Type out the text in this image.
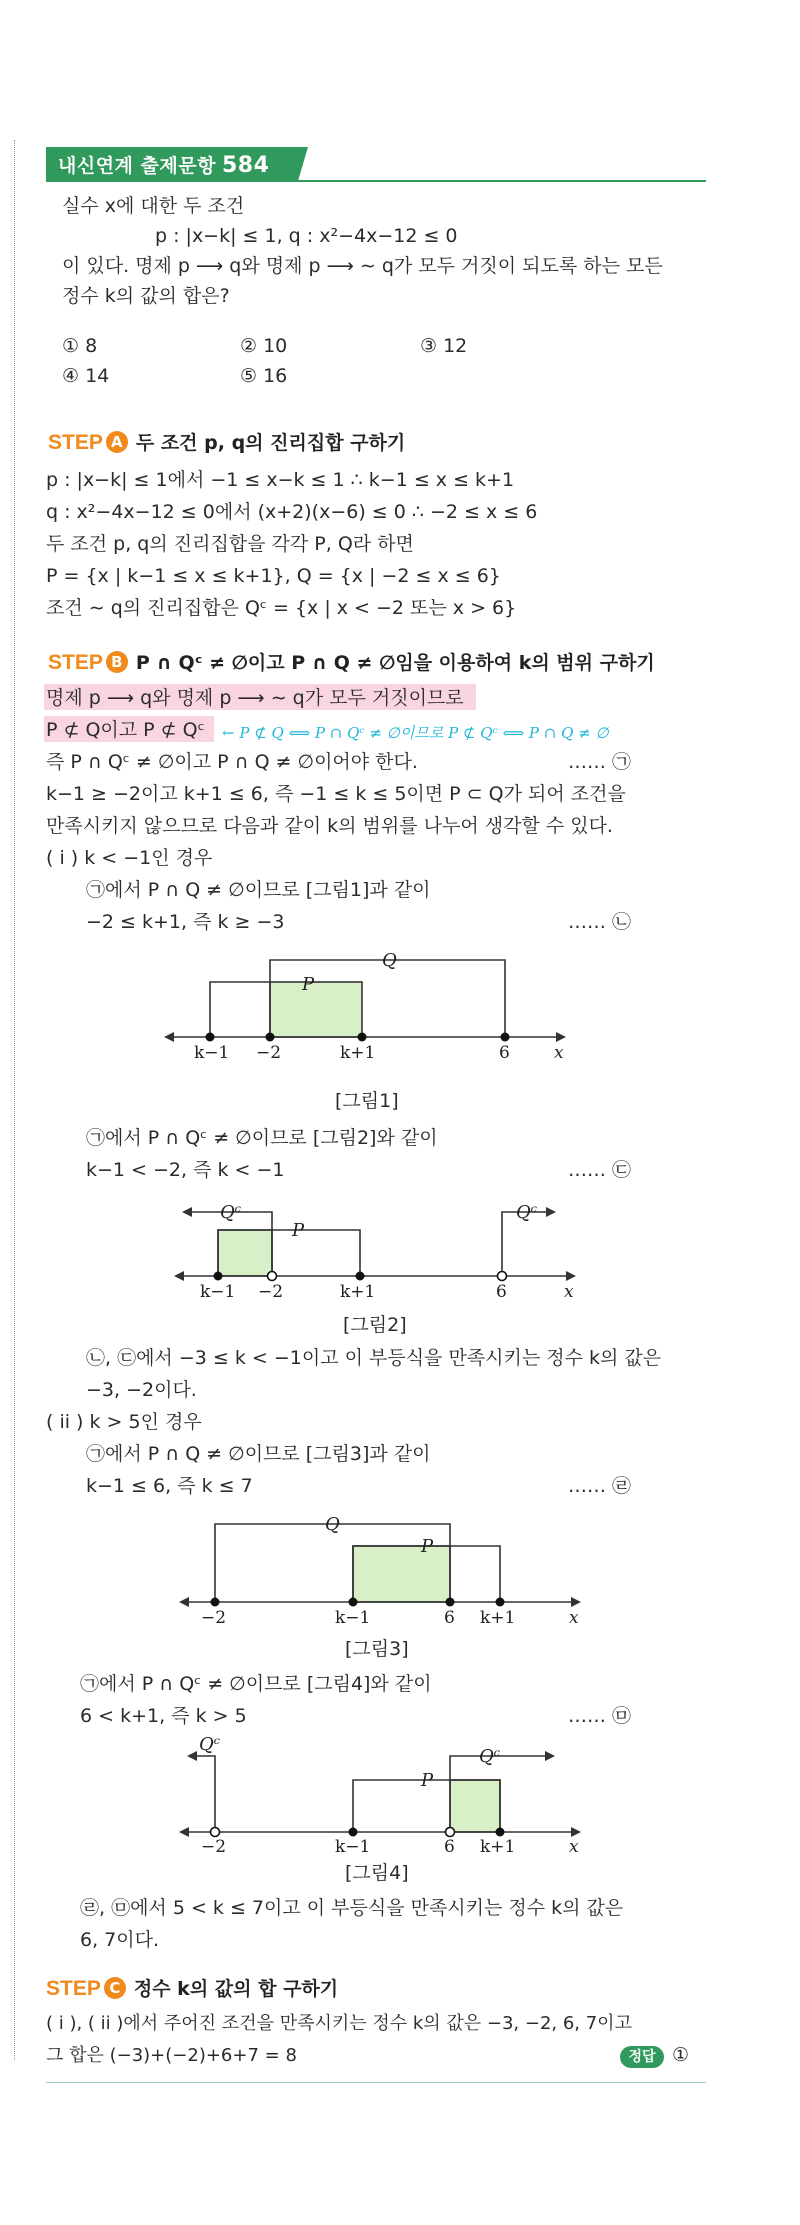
내신연계 출제문항 584
실수 x에 대한 두 조건
p : |x−k| ≤ 1, q : x²−4x−12 ≤ 0
이 있다. 명제 p ⟶ q와 명제 p ⟶ ∼ q가 모두 거짓이 되도록 하는 모든
정수 k의 값의 합은?
① 8	② 10	③ 12
④ 14	⑤ 16
STEP A 두 조건 p, q의 진리집합 구하기
p : |x−k| ≤ 1에서 −1 ≤ x−k ≤ 1 ∴ k−1 ≤ x ≤ k+1
q : x²−4x−12 ≤ 0에서 (x+2)(x−6) ≤ 0 ∴ −2 ≤ x ≤ 6
두 조건 p, q의 진리집합을 각각 P, Q라 하면
P = {x | k−1 ≤ x ≤ k+1}, Q = {x | −2 ≤ x ≤ 6}
조건 ∼ q의 진리집합은 Qᶜ = {x | x < −2 또는 x > 6}
STEP B P ∩ Qᶜ ≠ ∅이고 P ∩ Q ≠ ∅임을 이용하여 k의 범위 구하기
명제 p ⟶ q와 명제 p ⟶ ∼ q가 모두 거짓이므로
P ⊄ Q이고 P ⊄ Qᶜ ← P ⊄ Q ⟺ P ∩ Qᶜ ≠ ∅이므로 P ⊄ Qᶜ ⟺ P ∩ Q ≠ ∅
즉 P ∩ Qᶜ ≠ ∅이고 P ∩ Q ≠ ∅이어야 한다.	…… ㉠
k−1 ≥ −2이고 k+1 ≤ 6, 즉 −1 ≤ k ≤ 5이면 P ⊂ Q가 되어 조건을
만족시키지 않으므로 다음과 같이 k의 범위를 나누어 생각할 수 있다.
( i ) k < −1인 경우
㉠에서 P ∩ Q ≠ ∅이므로 [그림1]과 같이
−2 ≤ k+1, 즉 k ≥ −3	…… ㉡
P
Q
k−1 −2	k+1	6	x
[그림1]
㉠에서 P ∩ Qᶜ ≠ ∅이므로 [그림2]와 같이
k−1 < −2, 즉 k < −1	…… ㉢
Qᶜ
P
Qᶜ
k−1 −2	k+1	6	x
[그림2]
㉡, ㉢에서 −3 ≤ k < −1이고 이 부등식을 만족시키는 정수 k의 값은
−3, −2이다.
( ii ) k > 5인 경우
㉠에서 P ∩ Q ≠ ∅이므로 [그림3]과 같이
k−1 ≤ 6, 즉 k ≤ 7	…… ㉣
Q
P
−2	k−1	6 k+1	x
[그림3]
㉠에서 P ∩ Qᶜ ≠ ∅이므로 [그림4]와 같이
6 < k+1, 즉 k > 5	…… ㉤
Qᶜ
P
Qᶜ
−2	k−1	6 k+1	x
[그림4]
㉣, ㉤에서 5 < k ≤ 7이고 이 부등식을 만족시키는 정수 k의 값은
6, 7이다.
STEP C 정수 k의 값의 합 구하기
( i ), ( ii )에서 주어진 조건을 만족시키는 정수 k의 값은 −3, −2, 6, 7이고
그 합은 (−3)+(−2)+6+7 = 8	정답 ①
